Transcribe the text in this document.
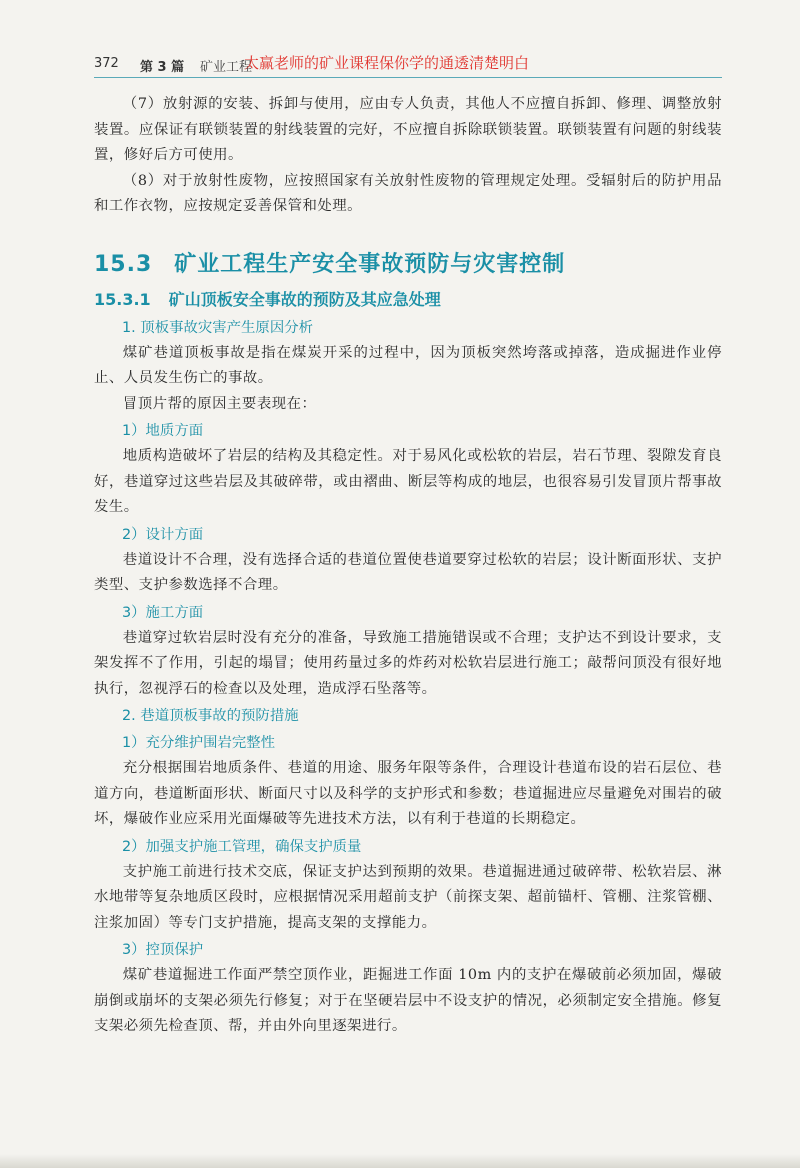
372 第 3 篇 矿业工程
太赢老师的矿业课程保你学的通透清楚明白

（7）放射源的安装、拆卸与使用，应由专人负责，其他人不应擅自拆卸、修理、调整放射装置。应保证有联锁装置的射线装置的完好，不应擅自拆除联锁装置。联锁装置有问题的射线装置，修好后方可使用。

（8）对于放射性废物，应按照国家有关放射性废物的管理规定处理。受辐射后的防护用品和工作衣物，应按规定妥善保管和处理。

15.3 矿业工程生产安全事故预防与灾害控制
15.3.1 矿山顶板安全事故的预防及其应急处理
1. 顶板事故灾害产生原因分析

煤矿巷道顶板事故是指在煤炭开采的过程中，因为顶板突然垮落或掉落，造成掘进作业停止、人员发生伤亡的事故。

冒顶片帮的原因主要表现在：

1）地质方面

地质构造破坏了岩层的结构及其稳定性。对于易风化或松软的岩层，岩石节理、裂隙发育良好，巷道穿过这些岩层及其破碎带，或由褶曲、断层等构成的地层，也很容易引发冒顶片帮事故发生。

2）设计方面

巷道设计不合理，没有选择合适的巷道位置使巷道要穿过松软的岩层；设计断面形状、支护类型、支护参数选择不合理。

3）施工方面

巷道穿过软岩层时没有充分的准备，导致施工措施错误或不合理；支护达不到设计要求，支架发挥不了作用，引起的塌冒；使用药量过多的炸药对松软岩层进行施工；敲帮问顶没有很好地执行，忽视浮石的检查以及处理，造成浮石坠落等。

2. 巷道顶板事故的预防措施
1）充分维护围岩完整性

充分根据围岩地质条件、巷道的用途、服务年限等条件，合理设计巷道布设的岩石层位、巷道方向，巷道断面形状、断面尺寸以及科学的支护形式和参数；巷道掘进应尽量避免对围岩的破坏，爆破作业应采用光面爆破等先进技术方法，以有利于巷道的长期稳定。

2）加强支护施工管理，确保支护质量

支护施工前进行技术交底，保证支护达到预期的效果。巷道掘进通过破碎带、松软岩层、淋水地带等复杂地质区段时，应根据情况采用超前支护（前探支架、超前锚杆、管棚、注浆管棚、注浆加固）等专门支护措施，提高支架的支撑能力。

3）控顶保护

煤矿巷道掘进工作面严禁空顶作业，距掘进工作面 10m 内的支护在爆破前必须加固，爆破崩倒或崩坏的支架必须先行修复；对于在坚硬岩层中不设支护的情况，必须制定安全措施。修复支架必须先检查顶、帮，并由外向里逐架进行。
